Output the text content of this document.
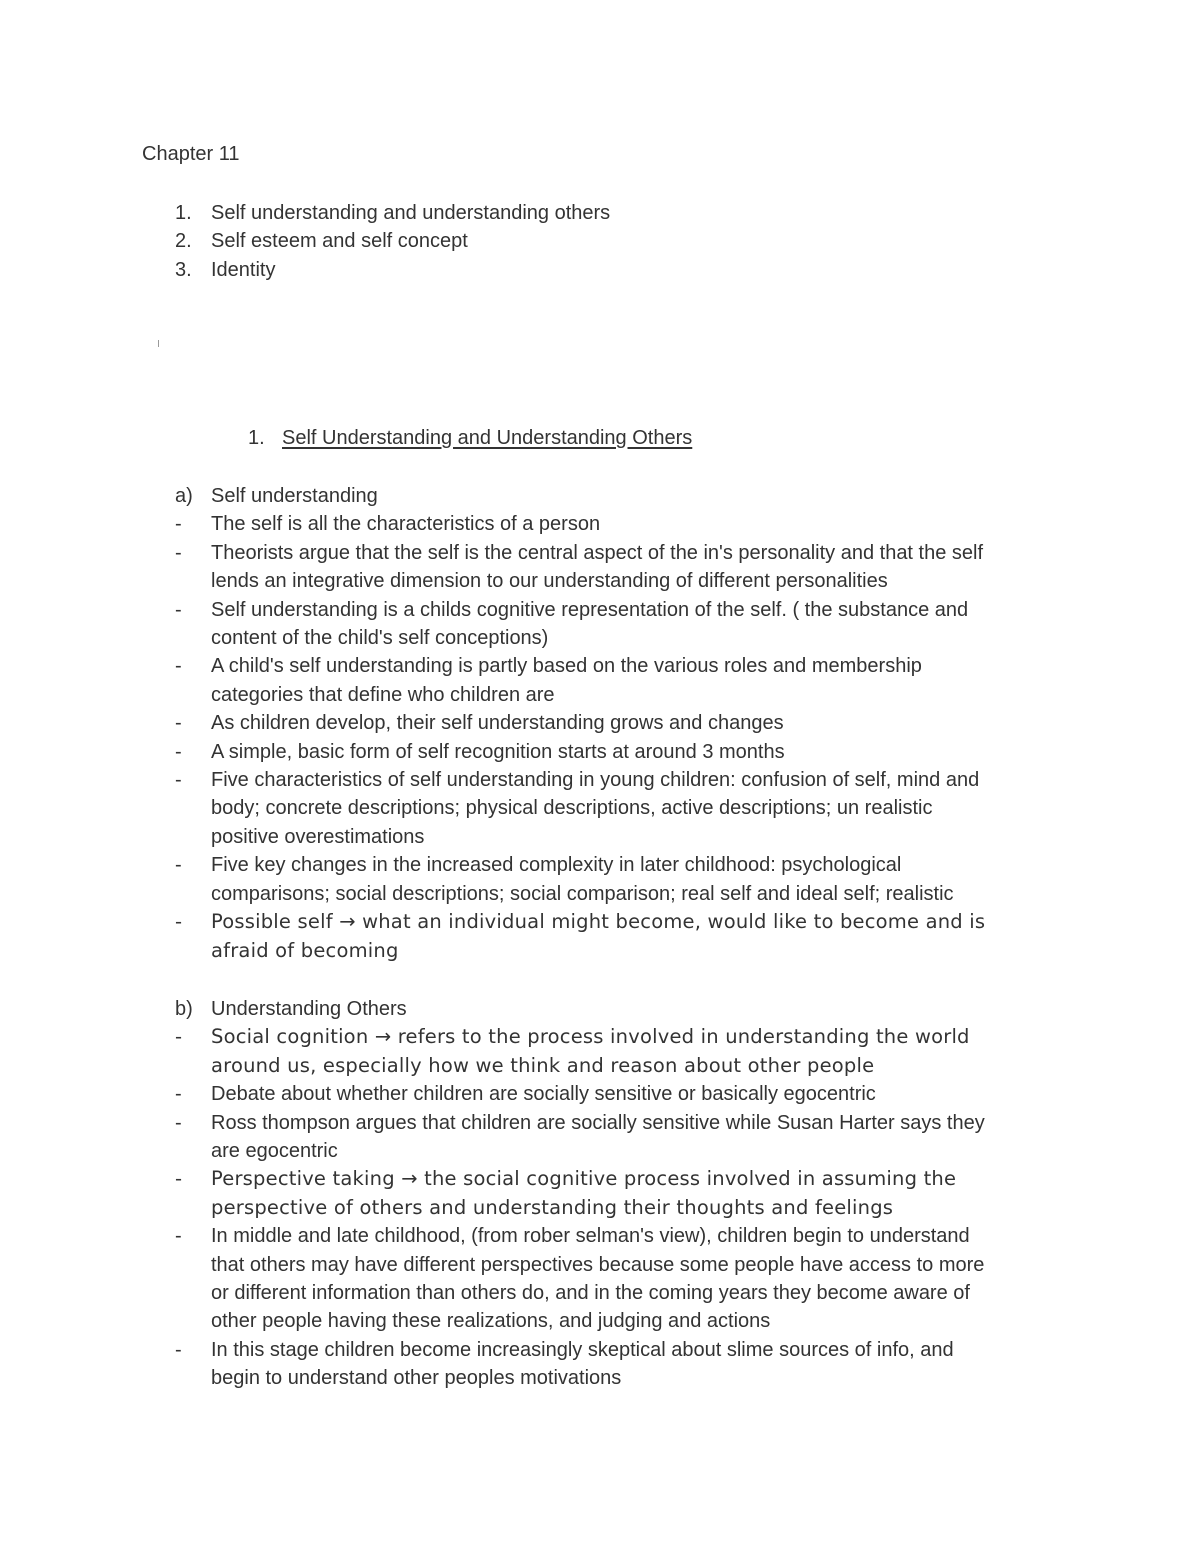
Chapter 11
1. Self understanding and understanding others
2. Self esteem and self concept
3. Identity
1. Self Understanding and Understanding Others
a) Self understanding
- The self is all the characteristics of a person
- Theorists argue that the self is the central aspect of the in's personality and that the self
lends an integrative dimension to our understanding of different personalities
- Self understanding is a childs cognitive representation of the self. ( the substance and
content of the child's self conceptions)
- A child's self understanding is partly based on the various roles and membership
categories that define who children are
- As children develop, their self understanding grows and changes
- A simple, basic form of self recognition starts at around 3 months
- Five characteristics of self understanding in young children: confusion of self, mind and
body; concrete descriptions; physical descriptions, active descriptions; un realistic
positive overestimations
- Five key changes in the increased complexity in later childhood: psychological
comparisons; social descriptions; social comparison; real self and ideal self; realistic
- Possible self → what an individual might become, would like to become and is
afraid of becoming
b) Understanding Others
- Social cognition → refers to the process involved in understanding the world
around us, especially how we think and reason about other people
- Debate about whether children are socially sensitive or basically egocentric
- Ross thompson argues that children are socially sensitive while Susan Harter says they
are egocentric
- Perspective taking → the social cognitive process involved in assuming the
perspective of others and understanding their thoughts and feelings
- In middle and late childhood, (from rober selman's view), children begin to understand
that others may have different perspectives because some people have access to more
or different information than others do, and in the coming years they become aware of
other people having these realizations, and judging and actions
- In this stage children become increasingly skeptical about slime sources of info, and
begin to understand other peoples motivations
